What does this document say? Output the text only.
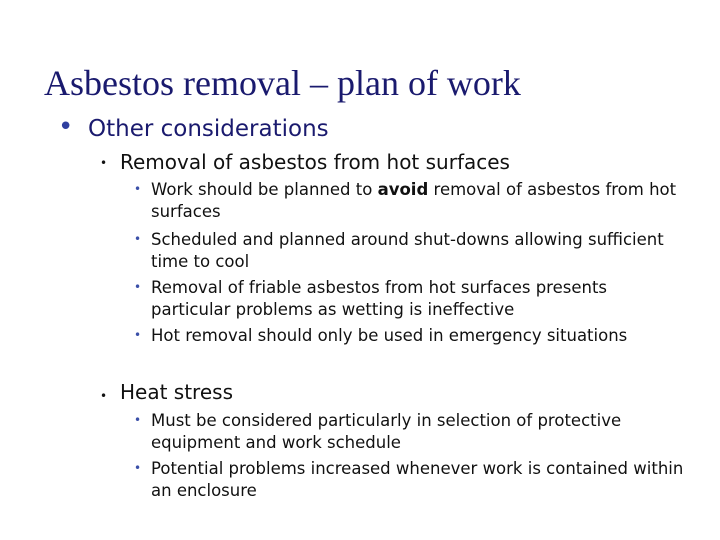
Asbestos removal – plan of work
• Other considerations
• Removal of asbestos from hot surfaces
• Work should be planned to avoid removal of asbestos from hot surfaces
• Scheduled and planned around shut-downs allowing sufficient time to cool
• Removal of friable asbestos from hot surfaces presents particular problems as wetting is ineffective
• Hot removal should only be used in emergency situations
• Heat stress
• Must be considered particularly in selection of protective equipment and work schedule
• Potential problems increased whenever work is contained within an enclosure
